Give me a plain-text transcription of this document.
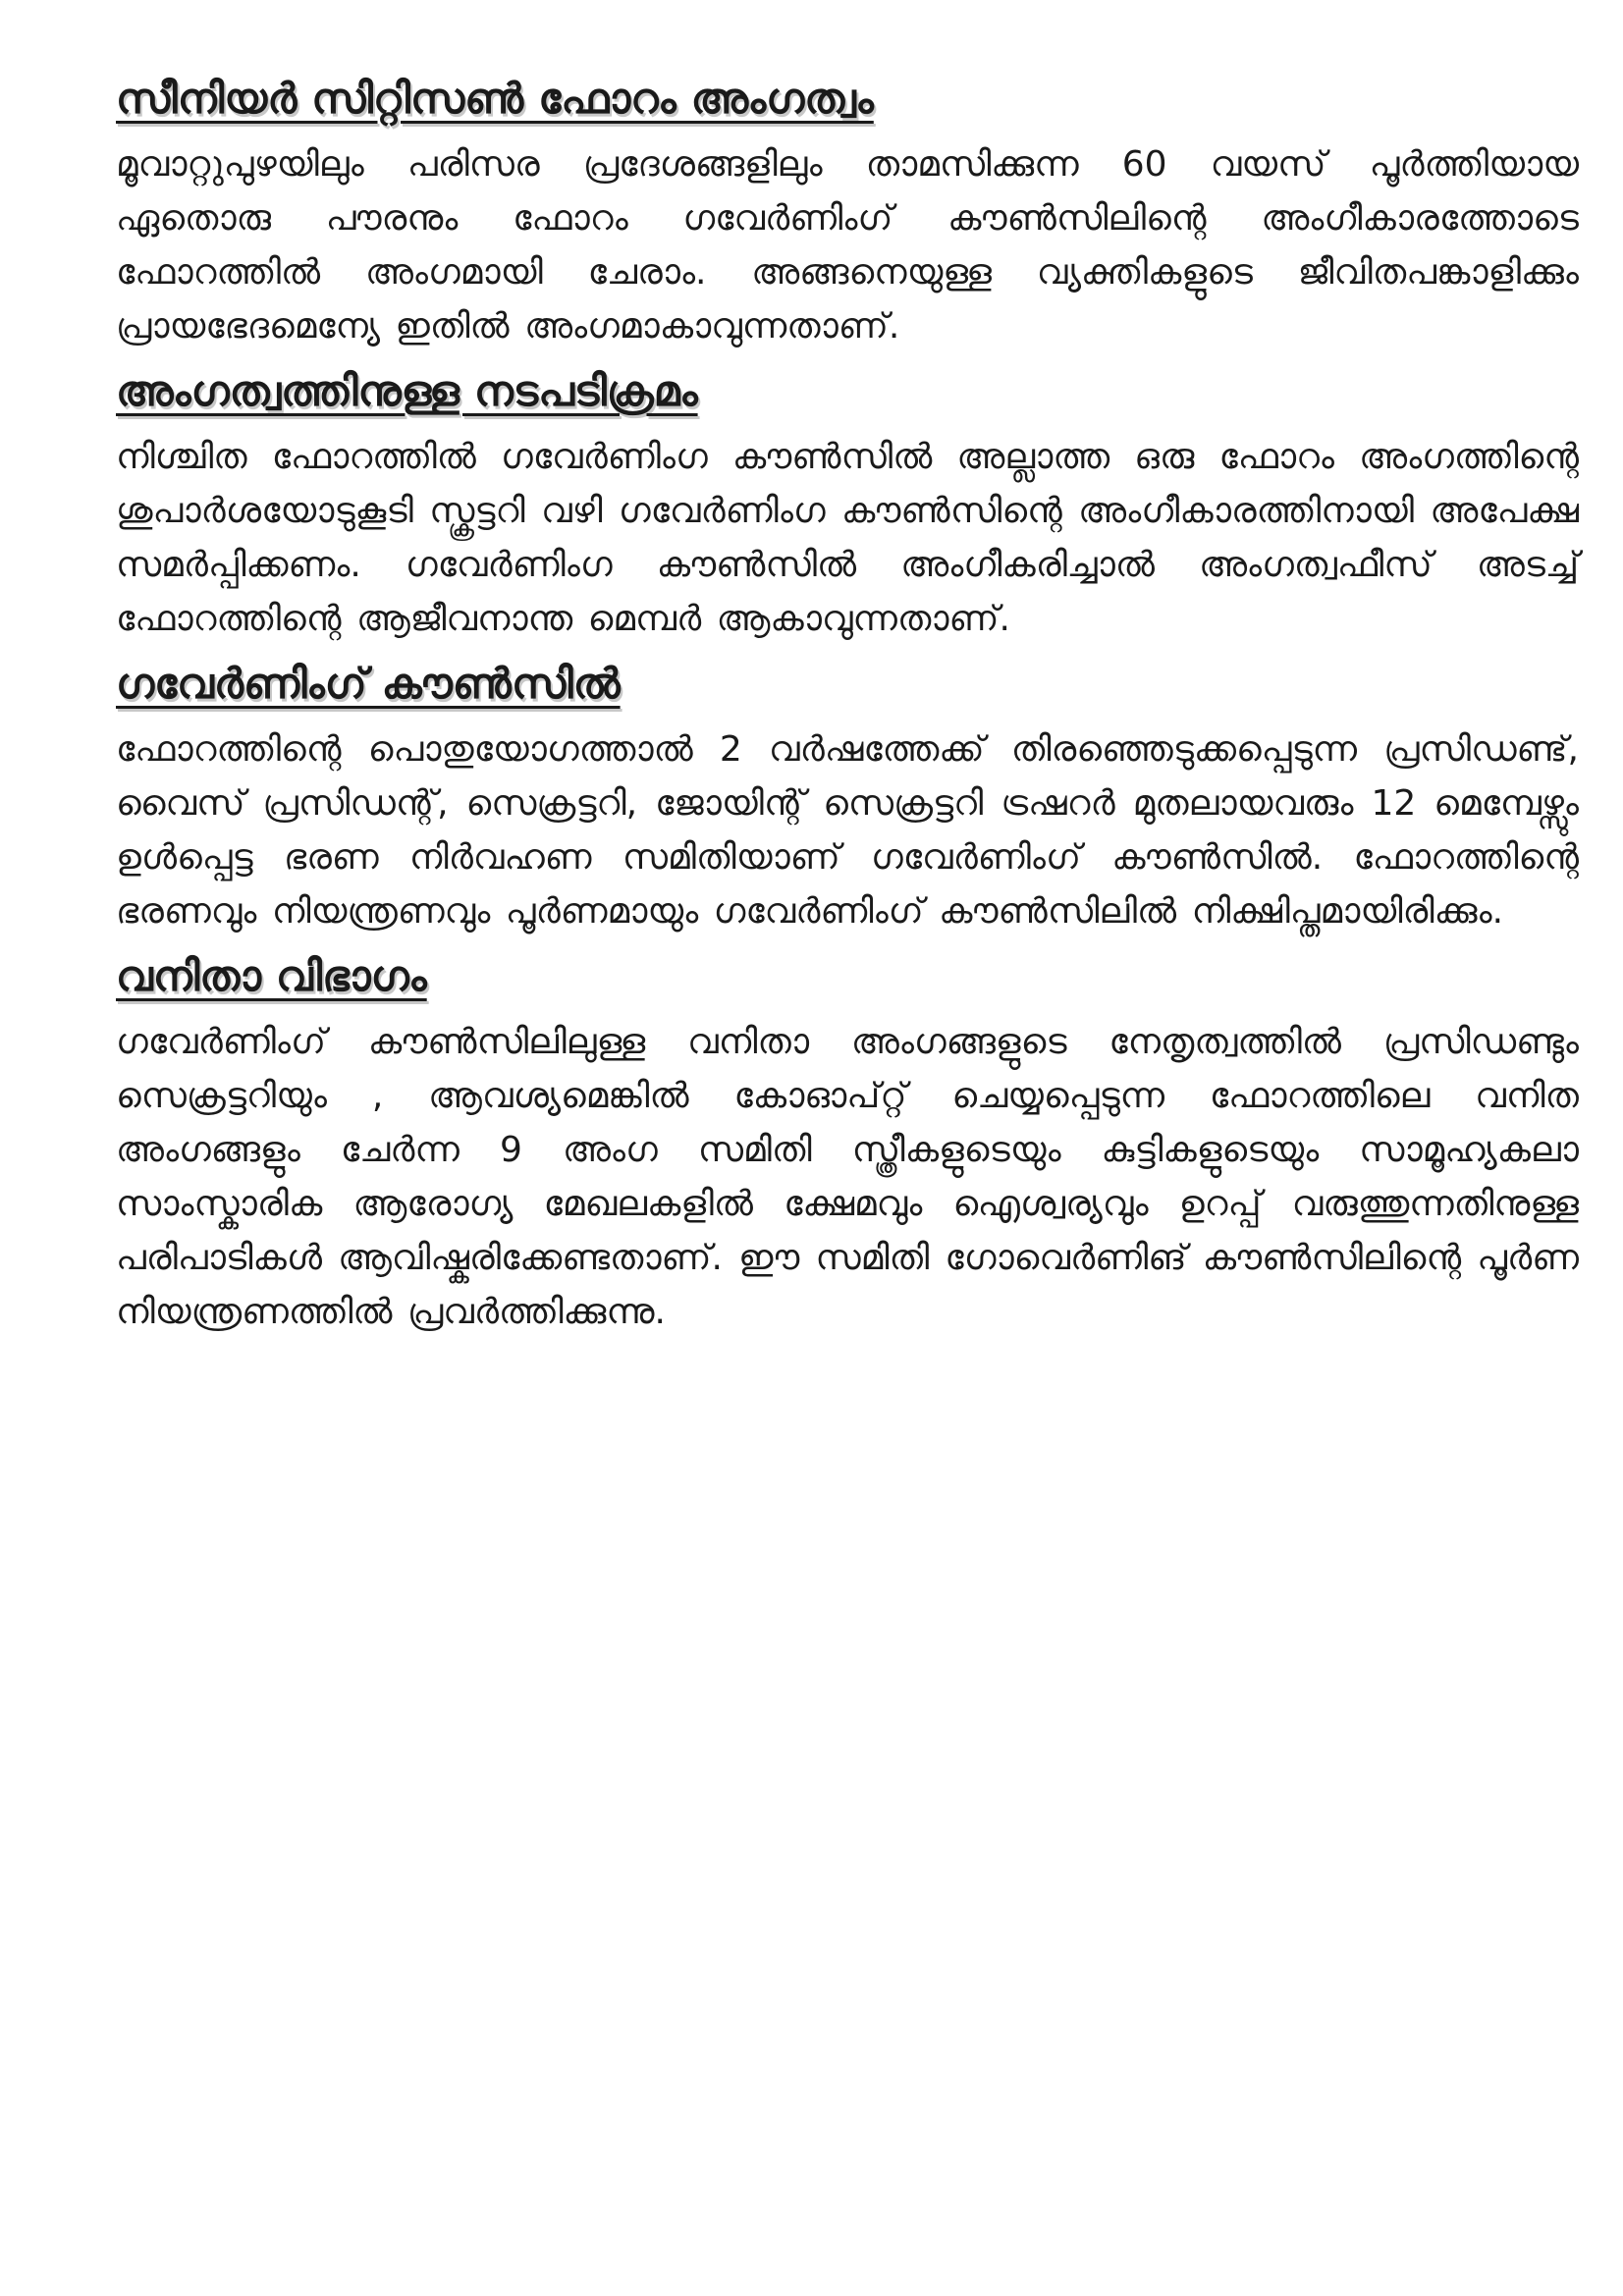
സീനിയർ സിറ്റിസൺ ഫോറം അംഗത്വം

മൂവാറ്റുപുഴയിലും പരിസര പ്രദേശങ്ങളിലും താമസിക്കുന്ന 60 വയസ് പൂർത്തിയായ ഏതൊരു പൗരനും ഫോറം ഗവേർണിംഗ് കൗൺസിലിന്റെ അംഗീകാരത്തോടെ ഫോറത്തിൽ അംഗമായി ചേരാം. അങ്ങനെയുള്ള വ്യക്തികളുടെ ജീവിതപങ്കാളിക്കും പ്രായഭേദമെന്യേ ഇതിൽ അംഗമാകാവുന്നതാണ്.

അംഗത്വത്തിനുള്ള നടപടിക്രമം

നിശ്ചിത ഫോറത്തിൽ ഗവേർണിംഗ കൗൺസിൽ അല്ലാത്ത ഒരു ഫോറം അംഗത്തിന്റെ ശുപാർശയോടുകൂടി സ്ക്രട്ടറി വഴി ഗവേർണിംഗ കൗൺസിന്റെ അംഗീകാരത്തിനായി അപേക്ഷ സമർപ്പിക്കണം. ഗവേർണിംഗ കൗൺസിൽ അംഗീകരിച്ചാൽ അംഗത്വഫീസ് അടച്ച് ഫോറത്തിന്റെ ആജീവനാന്ത മെമ്പർ ആകാവുന്നതാണ്.

ഗവേർണിംഗ് കൗൺസിൽ

ഫോറത്തിന്റെ പൊതുയോഗത്താൽ 2 വർഷത്തേക്ക് തിരഞ്ഞെടുക്കപ്പെടുന്ന പ്രസിഡണ്ട്, വൈസ് പ്രസിഡന്റ്, സെക്രട്ടറി, ജോയിന്റ് സെക്രട്ടറി ട്രഷറർ മുതലായവരും 12 മെമ്പേഴ്സും ഉൾപ്പെട്ട ഭരണ നിർവഹണ സമിതിയാണ് ഗവേർണിംഗ് കൗൺസിൽ. ഫോറത്തിന്റെ ഭരണവും നിയന്ത്രണവും പൂർണമായും ഗവേർണിംഗ് കൗൺസിലിൽ നിക്ഷിപ്തമായിരിക്കും.

വനിതാ വിഭാഗം

ഗവേർണിംഗ് കൗൺസിലിലുള്ള വനിതാ അംഗങ്ങളുടെ നേതൃത്വത്തിൽ പ്രസിഡണ്ടും സെക്രട്ടറിയും , ആവശ്യമെങ്കിൽ കോഓപ്റ്റ് ചെയ്യപ്പെടുന്ന ഫോറത്തിലെ വനിത അംഗങ്ങളും ചേർന്ന 9 അംഗ സമിതി സ്ത്രീകളുടെയും കുട്ടികളുടെയും സാമൂഹ്യകലാ സാംസ്കാരിക ആരോഗ്യ മേഖലകളിൽ ക്ഷേമവും ഐശ്വര്യവും ഉറപ്പ് വരുത്തുന്നതിനുള്ള പരിപാടികൾ ആവിഷ്കരിക്കേണ്ടതാണ്. ഈ സമിതി ഗോവെർണിങ് കൗൺസിലിന്റെ പൂർണ നിയന്ത്രണത്തിൽ പ്രവർത്തിക്കുന്നു.
